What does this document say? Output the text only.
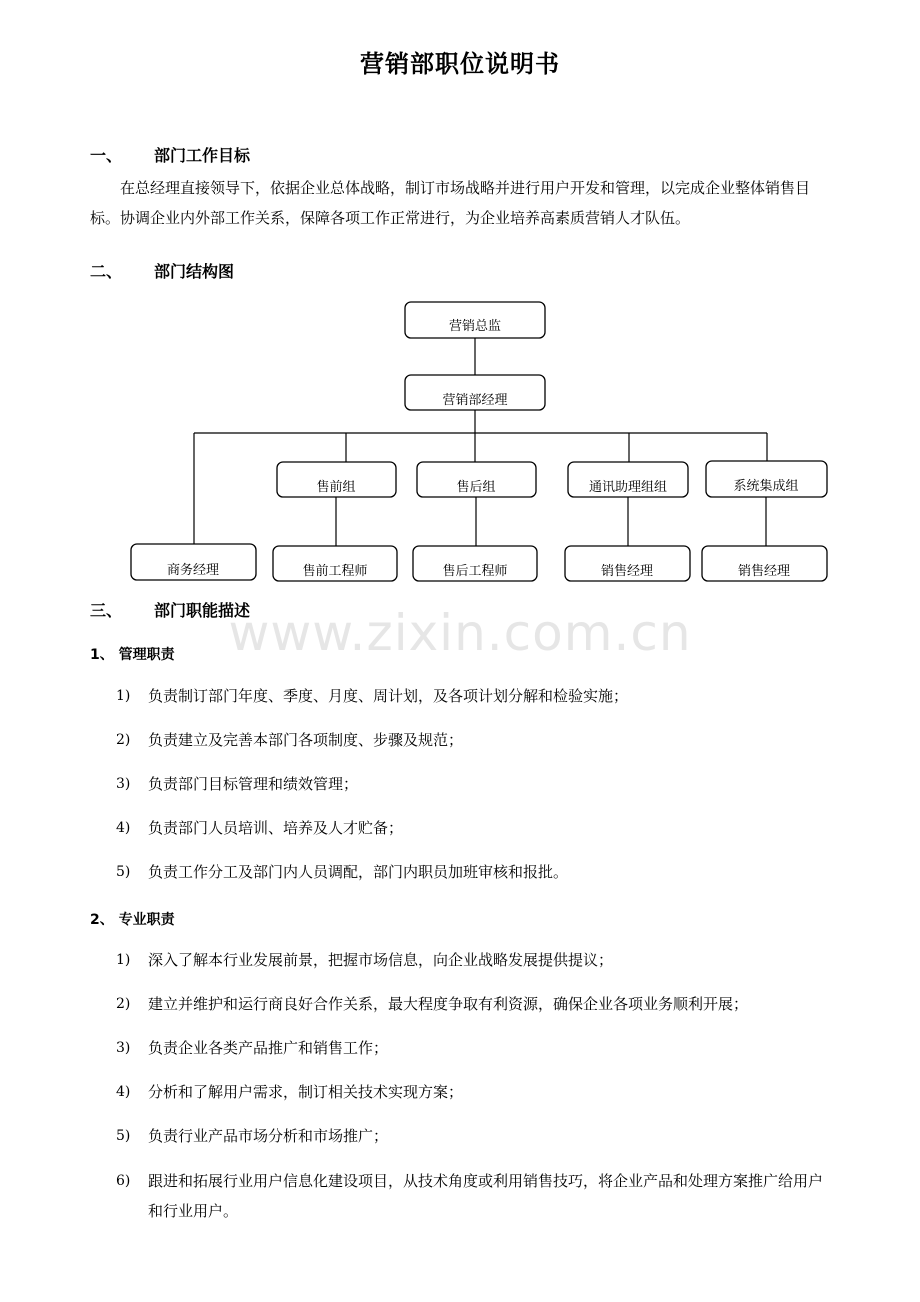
www.zixin.com.cn
营销部职位说明书
一、 部门工作目标
在总经理直接领导下，依据企业总体战略，制订市场战略并进行用户开发和管理，以完成企业整体销售目标。协调企业内外部工作关系，保障各项工作正常进行，为企业培养高素质营销人才队伍。
二、 部门结构图
营销总监
营销部经理
售前组	售后组	通讯助理组组	系统集成组
商务经理	售前工程师	售后工程师	销售经理	销售经理
三、 部门职能描述
1、 管理职责
1) 负责制订部门年度、季度、月度、周计划，及各项计划分解和检验实施；
2) 负责建立及完善本部门各项制度、步骤及规范；
3) 负责部门目标管理和绩效管理；
4) 负责部门人员培训、培养及人才贮备；
5) 负责工作分工及部门内人员调配，部门内职员加班审核和报批。
2、 专业职责
1) 深入了解本行业发展前景，把握市场信息，向企业战略发展提供提议；
2) 建立并维护和运行商良好合作关系，最大程度争取有利资源，确保企业各项业务顺利开展；
3) 负责企业各类产品推广和销售工作；
4) 分析和了解用户需求，制订相关技术实现方案；
5) 负责行业产品市场分析和市场推广；
6) 跟进和拓展行业用户信息化建设项目，从技术角度或利用销售技巧，将企业产品和处理方案推广给用户和行业用户。
